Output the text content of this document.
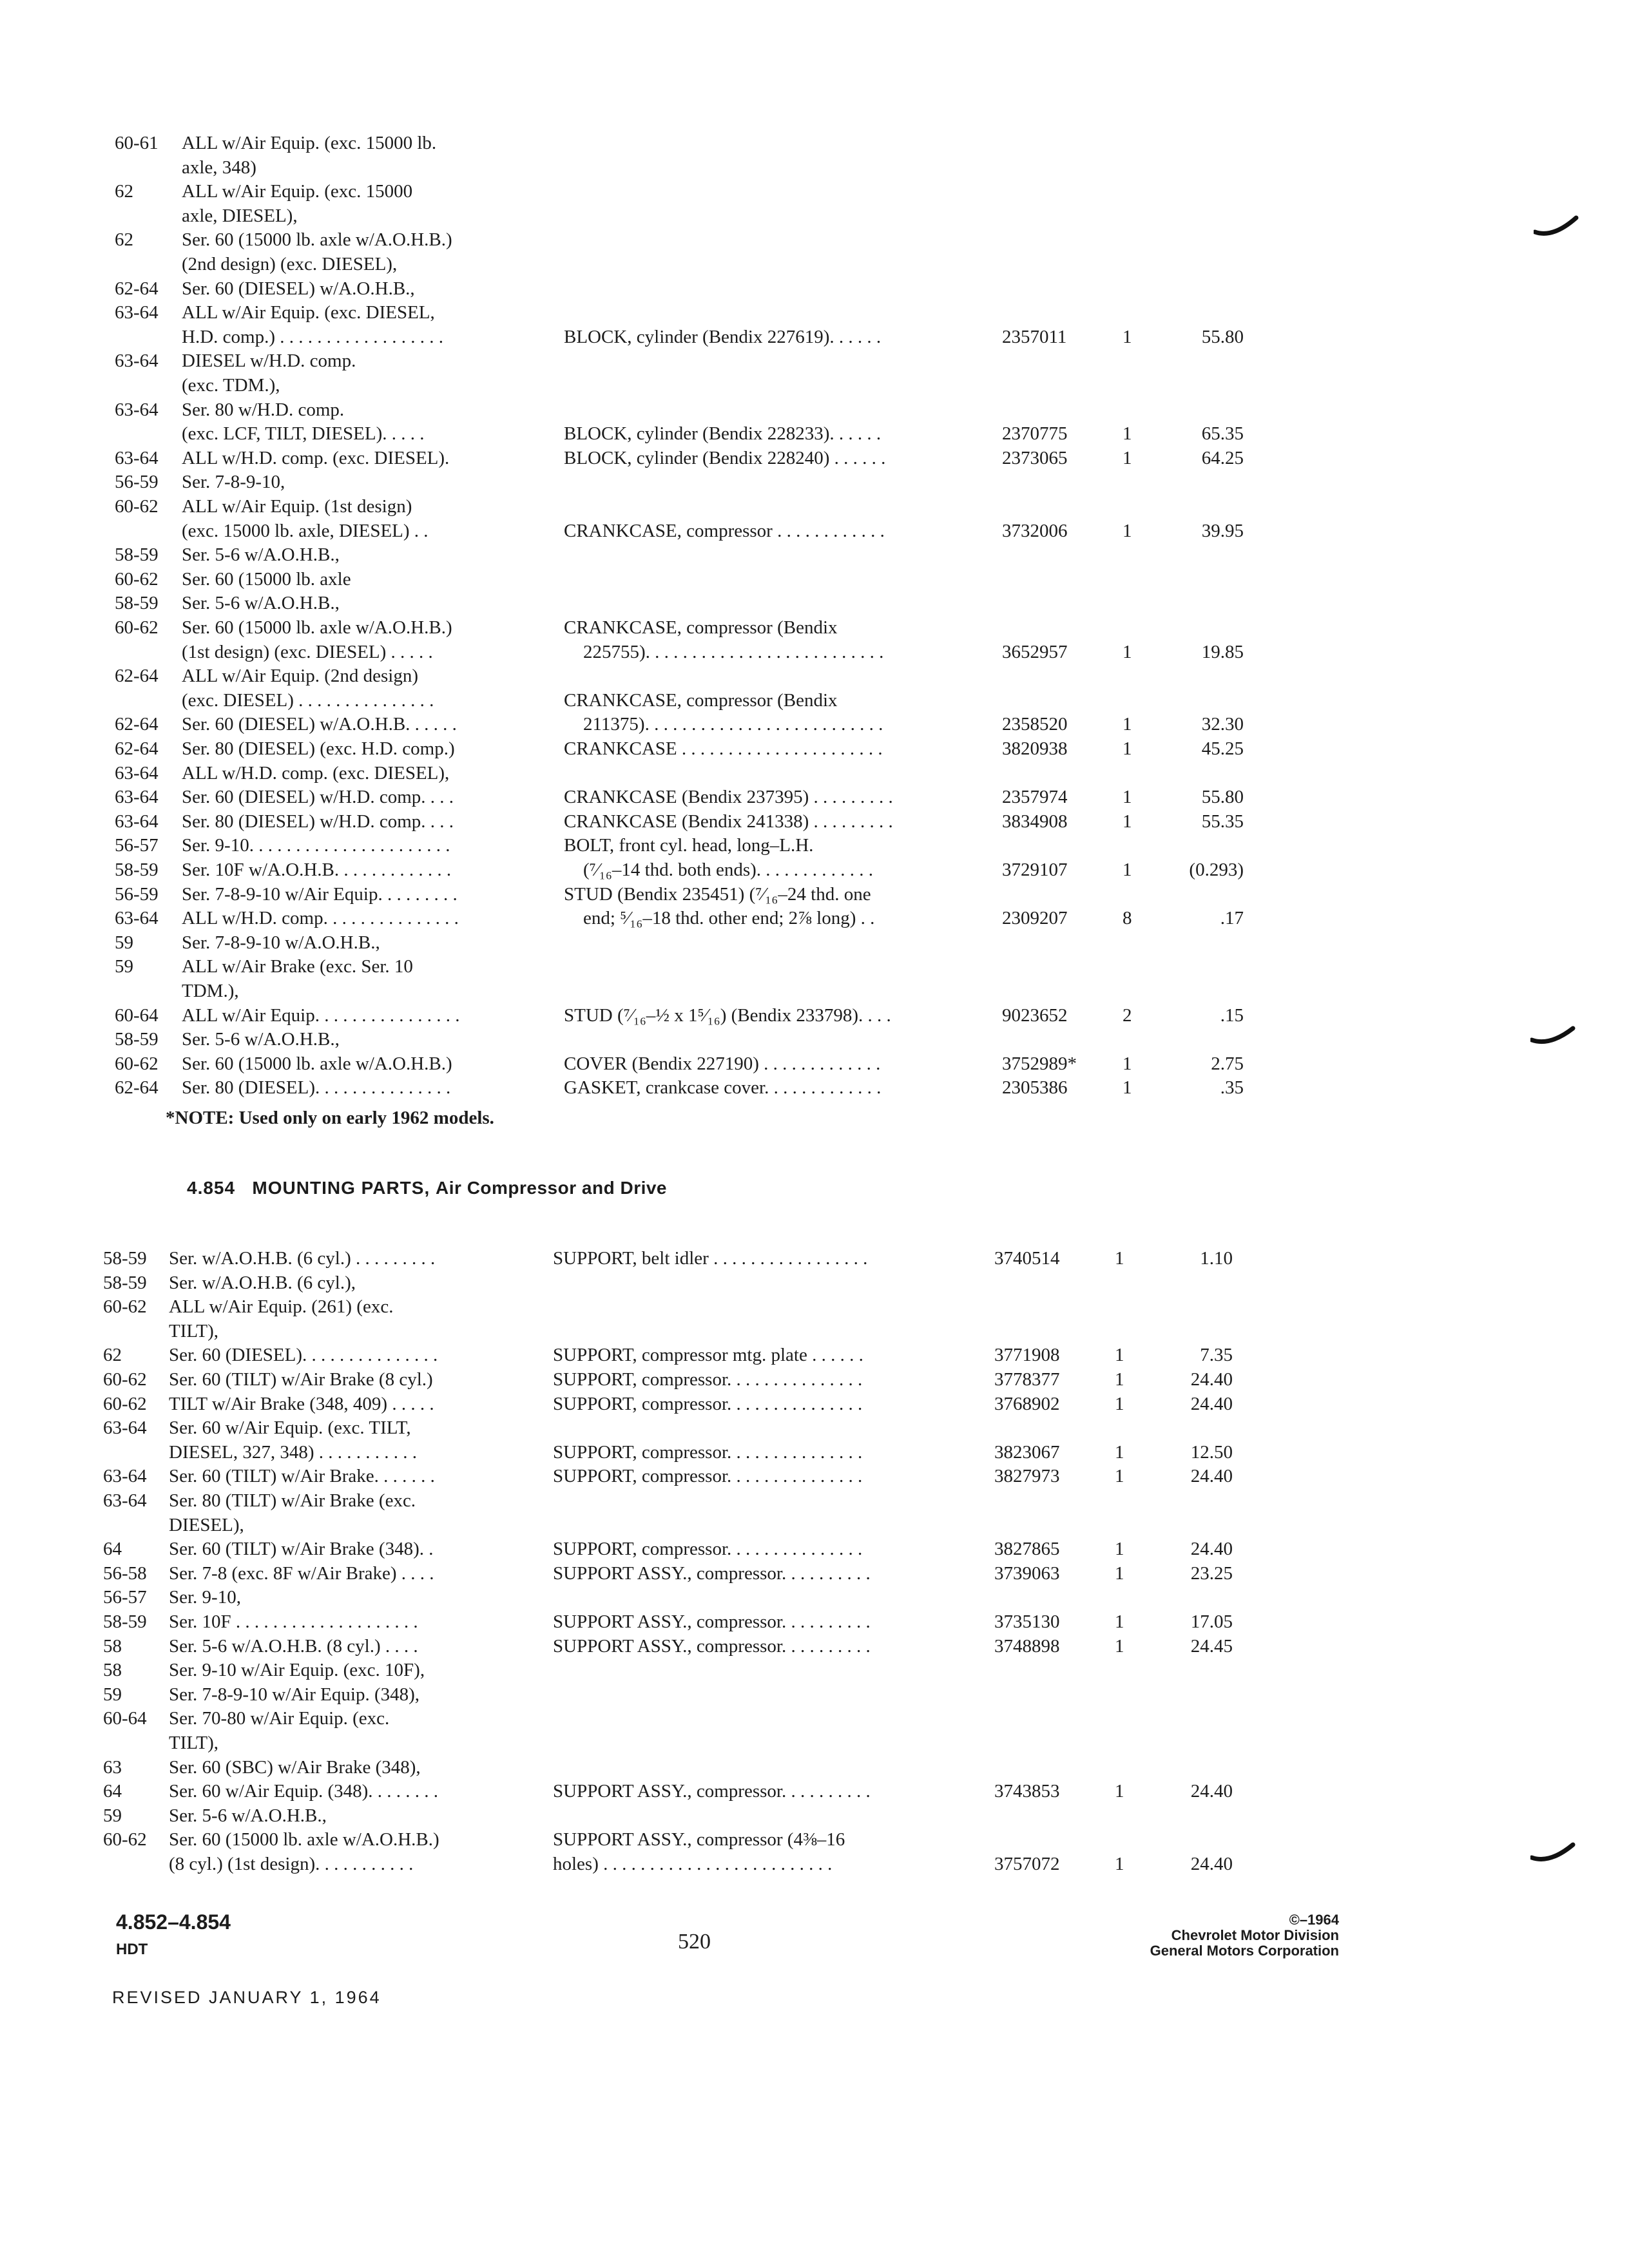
60-61 ALL w/Air Equip. (exc. 15000 lb.
axle, 348)
62	ALL w/Air Equip. (exc. 15000
axle, DIESEL),
62	Ser. 60 (15000 lb. axle w/A.O.H.B.)
(2nd design) (exc. DIESEL),
62-64 Ser. 60 (DIESEL) w/A.O.H.B.,
63-64 ALL w/Air Equip. (exc. DIESEL,
H.D. comp.) . . . . . . . . . . . . . . . . . .	BLOCK, cylinder (Bendix 227619). . . . . .	2357011	1	55.80
63-64 DIESEL w/H.D. comp.
(exc. TDM.),
63-64 Ser. 80 w/H.D. comp.
(exc. LCF, TILT, DIESEL). . . . .	BLOCK, cylinder (Bendix 228233). . . . . .	2370775	1	65.35
63-64 ALL w/H.D. comp. (exc. DIESEL).	BLOCK, cylinder (Bendix 228240) . . . . . .	2373065	1	64.25
56-59 Ser. 7-8-9-10,
60-62 ALL w/Air Equip. (1st design)
(exc. 15000 lb. axle, DIESEL) . .	CRANKCASE, compressor . . . . . . . . . . . .	3732006	1	39.95
58-59 Ser. 5-6 w/A.O.H.B.,
60-62 Ser. 60 (15000 lb. axle
58-59 Ser. 5-6 w/A.O.H.B.,
60-62 Ser. 60 (15000 lb. axle w/A.O.H.B.)	CRANKCASE, compressor (Bendix
(1st design) (exc. DIESEL) . . . . .	225755). . . . . . . . . . . . . . . . . . . . . . . . . .	3652957	1	19.85
62-64 ALL w/Air Equip. (2nd design)
(exc. DIESEL) . . . . . . . . . . . . . . .	CRANKCASE, compressor (Bendix
62-64 Ser. 60 (DIESEL) w/A.O.H.B. . . . . .	211375). . . . . . . . . . . . . . . . . . . . . . . . . .	2358520	1	32.30
62-64 Ser. 80 (DIESEL) (exc. H.D. comp.)	CRANKCASE . . . . . . . . . . . . . . . . . . . . . .	3820938	1	45.25
63-64 ALL w/H.D. comp. (exc. DIESEL),
63-64 Ser. 60 (DIESEL) w/H.D. comp. . . .	CRANKCASE (Bendix 237395) . . . . . . . . .	2357974	1	55.80
63-64 Ser. 80 (DIESEL) w/H.D. comp. . . .	CRANKCASE (Bendix 241338) . . . . . . . . .	3834908	1	55.35
56-57 Ser. 9-10. . . . . . . . . . . . . . . . . . . . . .	BOLT, front cyl. head, long–L.H.
58-59 Ser. 10F w/A.O.H.B. . . . . . . . . . . . .	(⁷⁄₁₆–14 thd. both ends). . . . . . . . . . . . .	3729107	1	(0.293)
56-59 Ser. 7-8-9-10 w/Air Equip. . . . . . . . .	STUD (Bendix 235451) (⁷⁄₁₆–24 thd. one
63-64 ALL w/H.D. comp. . . . . . . . . . . . . . .	end; ⁵⁄₁₆–18 thd. other end; 2⅞ long) . .	2309207	8	.17
59	Ser. 7-8-9-10 w/A.O.H.B.,
59	ALL w/Air Brake (exc. Ser. 10
TDM.),
60-64 ALL w/Air Equip. . . . . . . . . . . . . . . .	STUD (⁷⁄₁₆–½ x 1⁵⁄₁₆) (Bendix 233798). . . .	9023652	2	.15
58-59 Ser. 5-6 w/A.O.H.B.,
60-62 Ser. 60 (15000 lb. axle w/A.O.H.B.)	COVER (Bendix 227190) . . . . . . . . . . . . .	3752989* 1	2.75
62-64 Ser. 80 (DIESEL). . . . . . . . . . . . . . .	GASKET, crankcase cover. . . . . . . . . . . . .	2305386	1	.35
*NOTE: Used only on early 1962 models.
4.854 MOUNTING PARTS, Air Compressor and Drive
58-59 Ser. w/A.O.H.B. (6 cyl.) . . . . . . . . .	SUPPORT, belt idler . . . . . . . . . . . . . . . . .	3740514	1	1.10
58-59 Ser. w/A.O.H.B. (6 cyl.),
60-62 ALL w/Air Equip. (261) (exc.
TILT),
62	Ser. 60 (DIESEL). . . . . . . . . . . . . . .	SUPPORT, compressor mtg. plate . . . . . .	3771908	1	7.35
60-62 Ser. 60 (TILT) w/Air Brake (8 cyl.)	SUPPORT, compressor. . . . . . . . . . . . . . .	3778377	1	24.40
60-62 TILT w/Air Brake (348, 409) . . . . .	SUPPORT, compressor. . . . . . . . . . . . . . .	3768902	1	24.40
63-64 Ser. 60 w/Air Equip. (exc. TILT,
DIESEL, 327, 348) . . . . . . . . . . .	SUPPORT, compressor. . . . . . . . . . . . . . .	3823067	1	12.50
63-64 Ser. 60 (TILT) w/Air Brake. . . . . . .	SUPPORT, compressor. . . . . . . . . . . . . . .	3827973	1	24.40
63-64 Ser. 80 (TILT) w/Air Brake (exc.
DIESEL),
64	Ser. 60 (TILT) w/Air Brake (348). .	SUPPORT, compressor. . . . . . . . . . . . . . .	3827865	1	24.40
56-58 Ser. 7-8 (exc. 8F w/Air Brake) . . . .	SUPPORT ASSY., compressor. . . . . . . . . .	3739063	1	23.25
56-57 Ser. 9-10,
58-59 Ser. 10F . . . . . . . . . . . . . . . . . . . .	SUPPORT ASSY., compressor. . . . . . . . . .	3735130	1	17.05
58	Ser. 5-6 w/A.O.H.B. (8 cyl.) . . . .	SUPPORT ASSY., compressor. . . . . . . . . .	3748898	1	24.45
58	Ser. 9-10 w/Air Equip. (exc. 10F),
59	Ser. 7-8-9-10 w/Air Equip. (348),
60-64 Ser. 70-80 w/Air Equip. (exc.
TILT),
63	Ser. 60 (SBC) w/Air Brake (348),
64	Ser. 60 w/Air Equip. (348). . . . . . . .	SUPPORT ASSY., compressor. . . . . . . . . .	3743853	1	24.40
59	Ser. 5-6 w/A.O.H.B.,
60-62 Ser. 60 (15000 lb. axle w/A.O.H.B.)	SUPPORT ASSY., compressor (4⅜–16
(8 cyl.) (1st design). . . . . . . . . . .	holes) . . . . . . . . . . . . . . . . . . . . . . . . .	3757072	1	24.40
4.852–4.854
HDT	520
©–1964
Chevrolet Motor Division
General Motors Corporation
REVISED JANUARY 1, 1964
